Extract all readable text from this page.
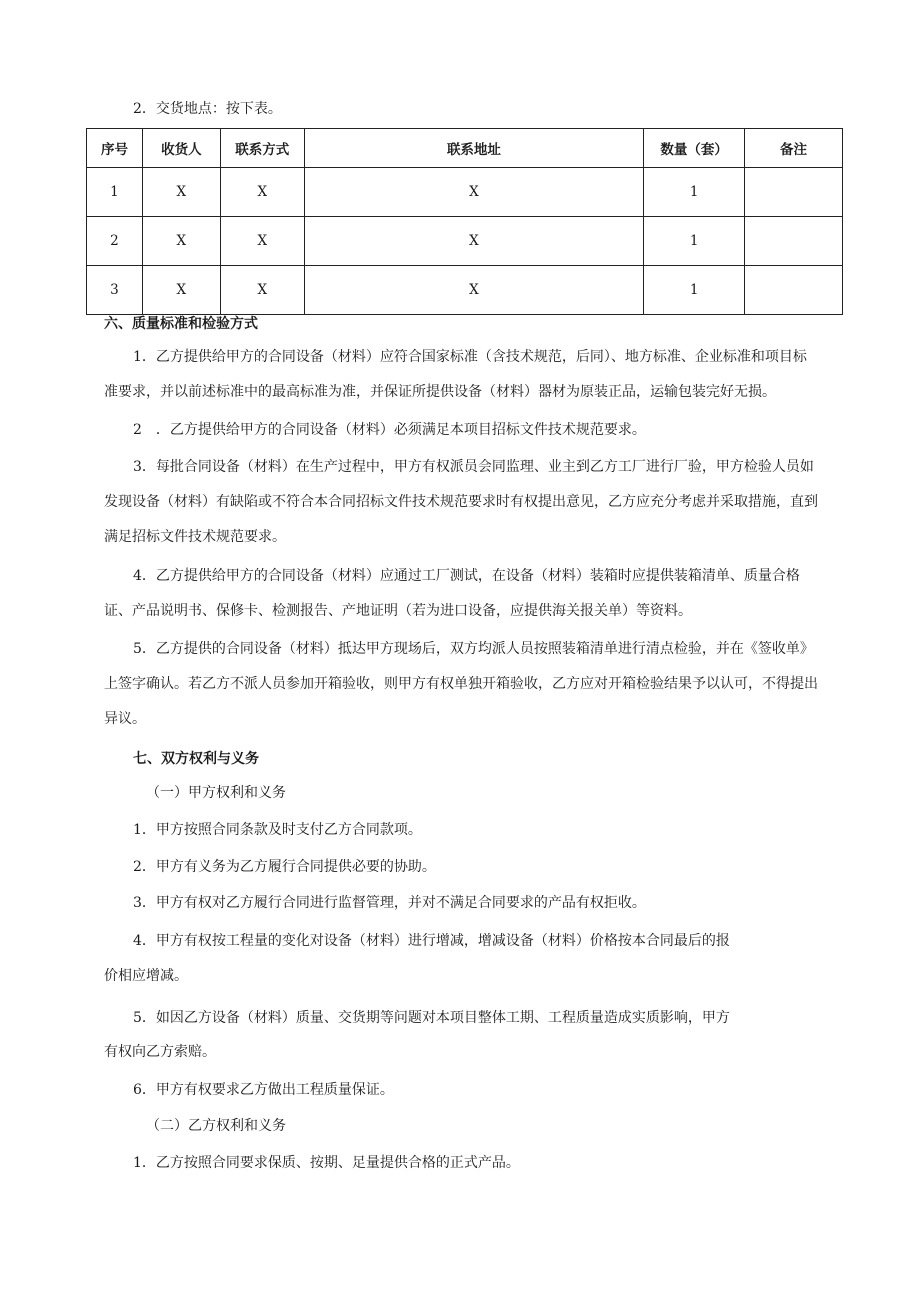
2．交货地点：按下表。
序号	收货人	联系方式	联系地址	数量（套）	备注
1	X	X	X	1	
2	X	X	X	1	
3	X	X	X	1	
六、质量标准和检验方式
1．乙方提供给甲方的合同设备（材料）应符合国家标准（含技术规范，后同）、地方标准、企业标准和项目标
准要求，并以前述标准中的最高标准为准，并保证所提供设备（材料）器材为原装正品，运输包装完好无损。
2　．乙方提供给甲方的合同设备（材料）必须满足本项目招标文件技术规范要求。
3．每批合同设备（材料）在生产过程中，甲方有权派员会同监理、业主到乙方工厂进行厂验，甲方检验人员如
发现设备（材料）有缺陷或不符合本合同招标文件技术规范要求时有权提出意见，乙方应充分考虑并采取措施，直到
满足招标文件技术规范要求。
4．乙方提供给甲方的合同设备（材料）应通过工厂测试，在设备（材料）装箱时应提供装箱清单、质量合格
证、产品说明书、保修卡、检测报告、产地证明（若为进口设备，应提供海关报关单）等资料。
5．乙方提供的合同设备（材料）抵达甲方现场后，双方均派人员按照装箱清单进行清点检验，并在《签收单》
上签字确认。若乙方不派人员参加开箱验收，则甲方有权单独开箱验收，乙方应对开箱检验结果予以认可，不得提出
异议。
七、双方权利与义务
（一）甲方权利和义务
1．甲方按照合同条款及时支付乙方合同款项。
2．甲方有义务为乙方履行合同提供必要的协助。
3．甲方有权对乙方履行合同进行监督管理，并对不满足合同要求的产品有权拒收。
4．甲方有权按工程量的变化对设备（材料）进行增减，增减设备（材料）价格按本合同最后的报
价相应增减。
5．如因乙方设备（材料）质量、交货期等问题对本项目整体工期、工程质量造成实质影响，甲方
有权向乙方索赔。
6．甲方有权要求乙方做出工程质量保证。
（二）乙方权利和义务
1．乙方按照合同要求保质、按期、足量提供合格的正式产品。
